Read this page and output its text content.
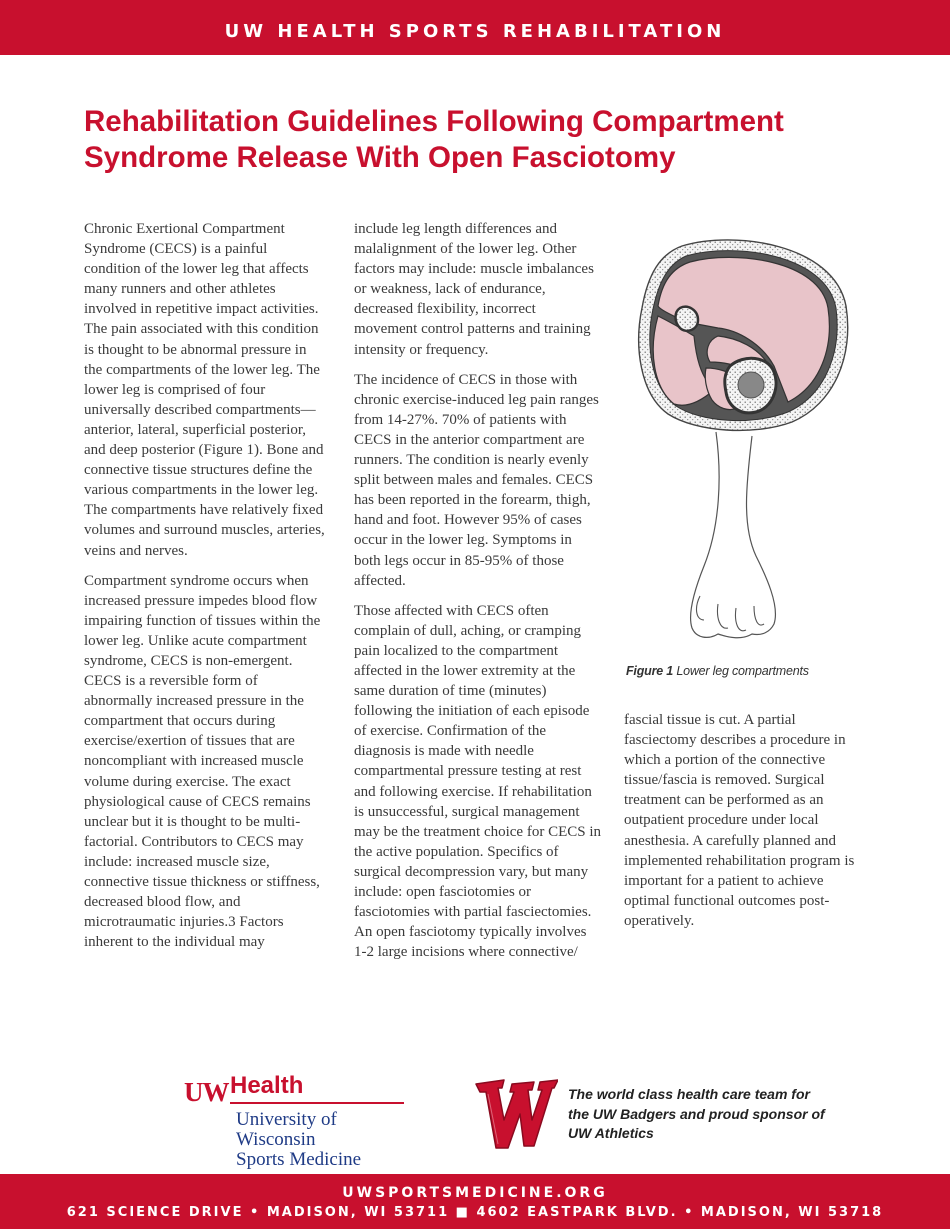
UW HEALTH SPORTS REHABILITATION
Rehabilitation Guidelines Following Compartment
Syndrome Release With Open Fasciotomy

Chronic Exertional Compartment Syndrome (CECS) is a painful condition of the lower leg that affects many runners and other athletes involved in repetitive impact activities. The pain associated with this condition is thought to be abnormal pressure in the compartments of the lower leg. The lower leg is comprised of four universally described compartments— anterior, lateral, superficial posterior, and deep posterior (Figure 1). Bone and connective tissue structures define the various compartments in the lower leg. The compartments have relatively fixed volumes and surround muscles, arteries, veins and nerves.

Compartment syndrome occurs when increased pressure impedes blood flow impairing function of tissues within the lower leg. Unlike acute compartment syndrome, CECS is non-emergent. CECS is a reversible form of abnormally increased pressure in the compartment that occurs during exercise/exertion of tissues that are noncompliant with increased muscle volume during exercise. The exact physiological cause of CECS remains unclear but it is thought to be multi-factorial. Contributors to CECS may include: increased muscle size, connective tissue thickness or stiffness, decreased blood flow, and microtraumatic injuries.3 Factors inherent to the individual may

include leg length differences and malalignment of the lower leg. Other factors may include: muscle imbalances or weakness, lack of endurance, decreased flexibility, incorrect movement control patterns and training intensity or frequency.

The incidence of CECS in those with chronic exercise-induced leg pain ranges from 14-27%. 70% of patients with CECS in the anterior compartment are runners. The condition is nearly evenly split between males and females. CECS has been reported in the forearm, thigh, hand and foot. However 95% of cases occur in the lower leg. Symptoms in both legs occur in 85-95% of those affected.

Those affected with CECS often complain of dull, aching, or cramping pain localized to the compartment affected in the lower extremity at the same duration of time (minutes) following the initiation of each episode of exercise. Confirmation of the diagnosis is made with needle compartmental pressure testing at rest and following exercise. If rehabilitation is unsuccessful, surgical management may be the treatment choice for CECS in the active population. Specifics of surgical decompression vary, but many include: open fasciotomies or fasciotomies with partial fasciectomies. An open fasciotomy typically involves 1-2 large incisions where connective/

Figure 1 Lower leg compartments

fascial tissue is cut. A partial fasciectomy describes a procedure in which a portion of the connective tissue/fascia is removed. Surgical treatment can be performed as an outpatient procedure under local anesthesia. A carefully planned and implemented rehabilitation program is important for a patient to achieve optimal functional outcomes post-operatively.

UW Health
University of Wisconsin
Sports Medicine
The world class health care team for the UW Badgers and proud sponsor of UW Athletics
UWSPORTSMEDICINE.ORG
621 SCIENCE DRIVE • MADISON, WI 53711 ■ 4602 EASTPARK BLVD. • MADISON, WI 53718
